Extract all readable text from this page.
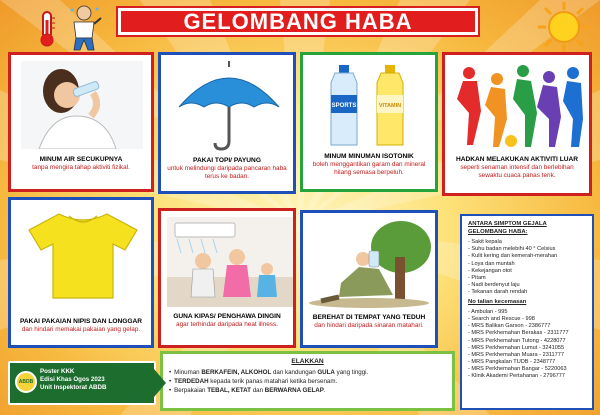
GELOMBANG HABA
MINUM AIR SECUKUPNYA
tanpa mengira tahap aktiviti fizikal.
PAKAI TOPI/ PAYUNG
untuk melindungi daripada pancaran haba terus ke badan.
SPORTS	VITAMIN
MINUM MINUMAN ISOTONIK
boleh menggantikan garam dan mineral hilang semasa berpeluh.
HADKAN MELAKUKAN AKTIVITI LUAR
seperti senaman intensif dan berlebihan sewaktu cuaca panas terik.
PAKAI PAKAIAN NIPIS DAN LONGGAR
dan hindari memakai pakaian yang gelap.
GUNA KIPAS/ PENGHAWA DINGIN
agar terhindar daripada heat illness.
BEREHAT DI TEMPAT YANG TEDUH
dan hindari daripada sinaran matahari.
ANTARA SIMPTOM GEJALA GELOMBANG HABA:
- Sakit kepala
- Suhu badan melebihi 40 ° Celsius
- Kulit kering dan kemerah-merahan
- Loya dan muntah
- Kekejangan otot
- Pitam
- Nadi berdenyut laju
- Tekanan darah rendah
No talian kecemasan
- Ambulan - 995
- Search and Rescue - 998
- MRS Balikan Garson - 2386777
- MRS Perkhemahan Berakas - 2311777
- MRS Perkhemahan Tutong - 4228077
- MRS Perkhemahan Lumut - 3241055
- MRS Perkhemahan Muara - 2311777
- MRS Pangkalan TUDB - 2348777
- MRS Perkhemahan Bangar - 5220063
- Klinik Akademi Pertahanan - 2796777
ELAKKAN
• Minuman BERKAFEIN, ALKOHOL dan kandungan GULA yang tinggi.
• TERDEDAH kepada terik panas matahari ketika bersenam.
• Berpakaian TEBAL, KETAT dan BERWARNA GELAP.
ABDB
Poster KKK
Edisi Khas Ogos 2023
Unit Inspektorat ABDB
